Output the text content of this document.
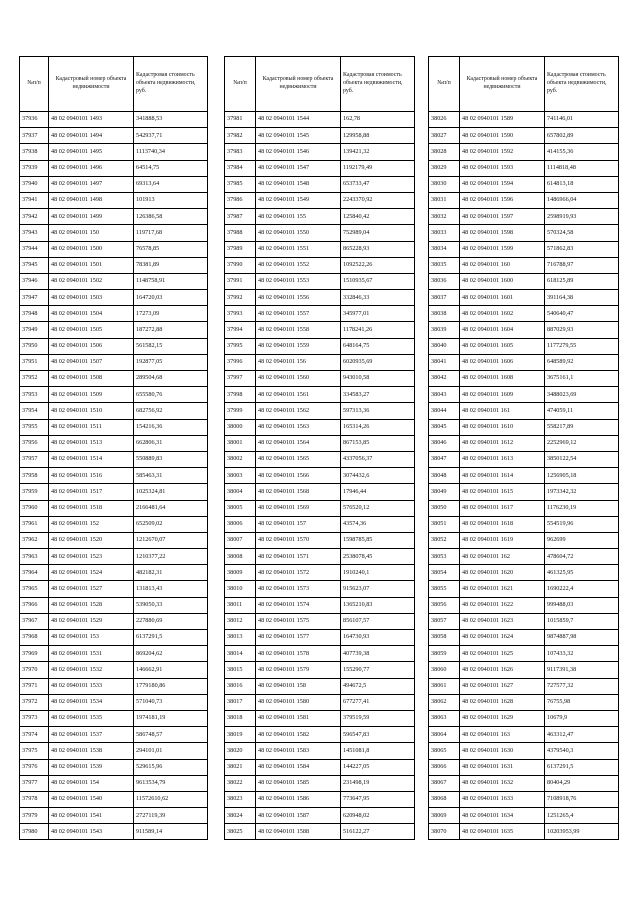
№п/п	Кадастровый номер объекта недвижимости	Кадастровая стоимость объекта недвижимости, руб.
37936	48 02 0940101 1493	341888,53
37937	48 02 0940101 1494	542937,71
37938	48 02 0940101 1495	1113740,34
37939	48 02 0940101 1496	64514,75
37940	48 02 0940101 1497	69313,64
37941	48 02 0940101 1498	101913
37942	48 02 0940101 1499	126386,58
37943	48 02 0940101 150	119717,68
37944	48 02 0940101 1500	76578,85
37945	48 02 0940101 1501	78381,89
37946	48 02 0940101 1502	1148758,91
37947	48 02 0940101 1503	164720,03
37948	48 02 0940101 1504	17273,09
37949	48 02 0940101 1505	187272,88
37950	48 02 0940101 1506	561582,15
37951	48 02 0940101 1507	192877,05
37952	48 02 0940101 1508	289504,68
37953	48 02 0940101 1509	655580,76
37954	48 02 0940101 1510	682756,92
37955	48 02 0940101 1511	154216,36
37956	48 02 0940101 1513	662806,31
37957	48 02 0940101 1514	550889,83
37958	48 02 0940101 1516	585463,31
37959	48 02 0940101 1517	1025324,81
37960	48 02 0940101 1518	2166481,64
37961	48 02 0940101 152	652509,02
37962	48 02 0940101 1520	1212670,07
37963	48 02 0940101 1523	1210377,22
37964	48 02 0940101 1524	482182,31
37965	48 02 0940101 1527	131813,43
37966	48 02 0940101 1528	539050,33
37967	48 02 0940101 1529	227880,69
37968	48 02 0940101 153	6137291,5
37969	48 02 0940101 1531	869204,62
37970	48 02 0940101 1532	146662,91
37971	48 02 0940101 1533	1779180,86
37972	48 02 0940101 1534	571040,73
37973	48 02 0940101 1535	1974181,19
37974	48 02 0940101 1537	586748,57
37975	48 02 0940101 1538	294101,01
37976	48 02 0940101 1539	529615,96
37977	48 02 0940101 154	9613534,79
37978	48 02 0940101 1540	11572610,62
37979	48 02 0940101 1541	2727119,39
37980	48 02 0940101 1543	911589,14
№п/п	Кадастровый номер объекта недвижимости	Кадастровая стоимость объекта недвижимости, руб.
37981	48 02 0940101 1544	162,78
37982	48 02 0940101 1545	129958,88
37983	48 02 0940101 1546	139421,32
37984	48 02 0940101 1547	1192179,49
37985	48 02 0940101 1548	653733,47
37986	48 02 0940101 1549	2243370,92
37987	48 02 0940101 155	125840,42
37988	48 02 0940101 1550	752989,04
37989	48 02 0940101 1551	865228,93
37990	48 02 0940101 1552	1092522,26
37991	48 02 0940101 1553	1510935,67
37992	48 02 0940101 1556	332846,33
37993	48 02 0940101 1557	345977,01
37994	48 02 0940101 1558	1178241,26
37995	48 02 0940101 1559	648164,75
37996	48 02 0940101 156	6020935,69
37997	48 02 0940101 1560	943010,58
37998	48 02 0940101 1561	334583,27
37999	48 02 0940101 1562	597313,36
38000	48 02 0940101 1563	165314,26
38001	48 02 0940101 1564	867153,85
38002	48 02 0940101 1565	4337056,37
38003	48 02 0940101 1566	3074432,6
38004	48 02 0940101 1568	17946,44
38005	48 02 0940101 1569	576520,12
38006	48 02 0940101 157	43574,36
38007	48 02 0940101 1570	1598785,85
38008	48 02 0940101 1571	2538078,45
38009	48 02 0940101 1572	1910240,1
38010	48 02 0940101 1573	915623,07
38011	48 02 0940101 1574	1365210,83
38012	48 02 0940101 1575	856107,57
38013	48 02 0940101 1577	164730,93
38014	48 02 0940101 1578	407739,38
38015	48 02 0940101 1579	155290,77
38016	48 02 0940101 158	494672,5
38017	48 02 0940101 1580	677277,41
38018	48 02 0940101 1581	379519,59
38019	48 02 0940101 1582	596547,83
38020	48 02 0940101 1583	1451081,8
38021	48 02 0940101 1584	144227,05
38022	48 02 0940101 1585	231498,19
38023	48 02 0940101 1586	773647,95
38024	48 02 0940101 1587	620948,02
38025	48 02 0940101 1588	516122,27
№п/п	Кадастровый номер объекта недвижимости	Кадастровая стоимость объекта недвижимости, руб.
38026	48 02 0940101 1589	741146,01
38027	48 02 0940101 1590	657802,89
38028	48 02 0940101 1592	414155,36
38029	48 02 0940101 1593	1114818,48
38030	48 02 0940101 1594	614813,18
38031	48 02 0940101 1596	1486966,04
38032	48 02 0940101 1597	2598919,93
38033	48 02 0940101 1598	570324,58
38034	48 02 0940101 1599	571862,83
38035	48 02 0940101 160	716788,97
38036	48 02 0940101 1600	618125,89
38037	48 02 0940101 1601	391164,38
38038	48 02 0940101 1602	540640,47
38039	48 02 0940101 1604	887029,93
38040	48 02 0940101 1605	1177279,55
38041	48 02 0940101 1606	648589,92
38042	48 02 0940101 1608	3675161,1
38043	48 02 0940101 1609	3488023,69
38044	48 02 0940101 161	474059,11
38045	48 02 0940101 1610	558217,89
38046	48 02 0940101 1612	2252969,12
38047	48 02 0940101 1613	3850122,54
38048	48 02 0940101 1614	1256905,18
38049	48 02 0940101 1615	1973342,32
38050	48 02 0940101 1617	1176230,19
38051	48 02 0940101 1618	554519,96
38052	48 02 0940101 1619	962699
38053	48 02 0940101 162	478604,72
38054	48 02 0940101 1620	461325,95
38055	48 02 0940101 1621	1690222,4
38056	48 02 0940101 1622	999488,03
38057	48 02 0940101 1623	1015859,7
38058	48 02 0940101 1624	9874887,98
38059	48 02 0940101 1625	107433,32
38060	48 02 0940101 1626	9117391,38
38061	48 02 0940101 1627	727577,32
38062	48 02 0940101 1628	76755,98
38063	48 02 0940101 1629	10679,9
38064	48 02 0940101 163	463312,47
38065	48 02 0940101 1630	4379540,3
38066	48 02 0940101 1631	6137291,5
38067	48 02 0940101 1632	80404,29
38068	48 02 0940101 1633	7108918,76
38069	48 02 0940101 1634	1251265,4
38070	48 02 0940101 1635	10203953,99
